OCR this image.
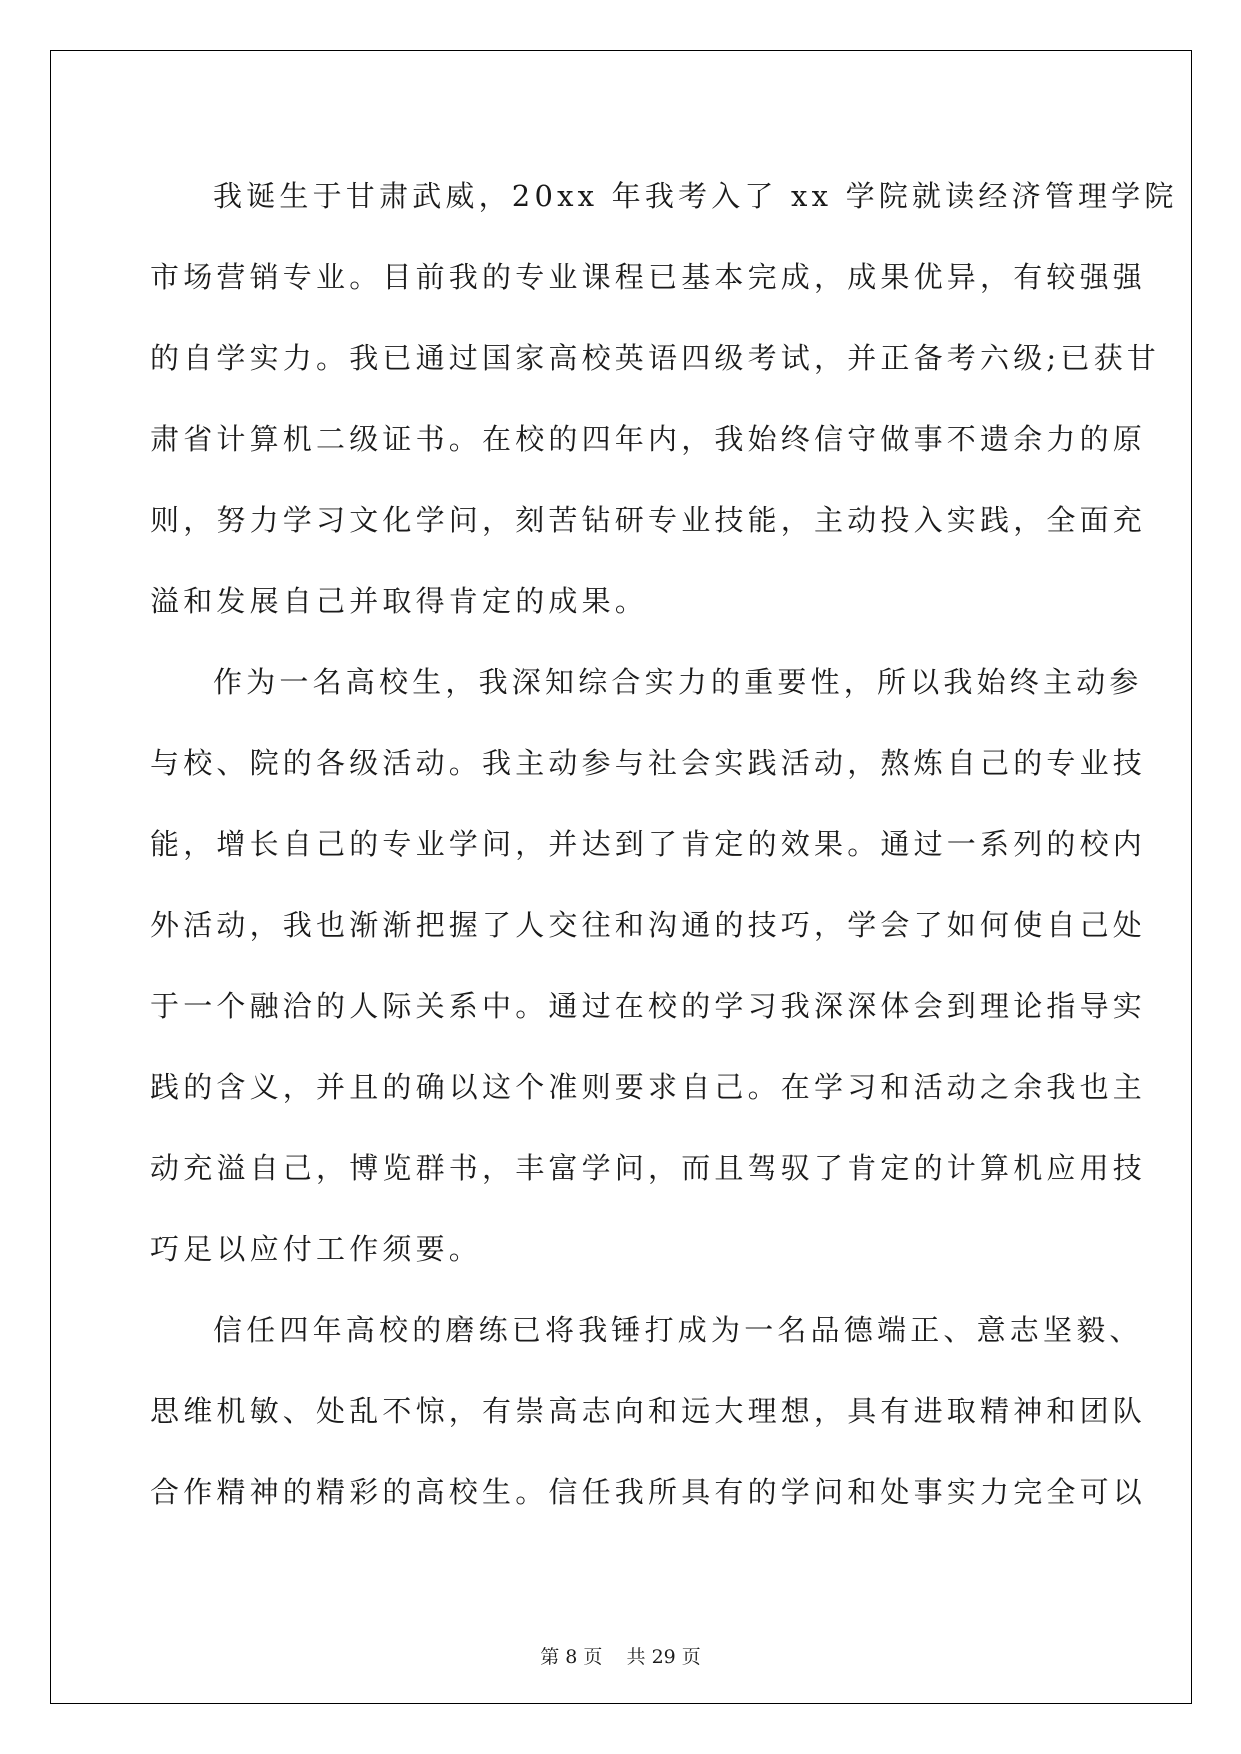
我诞生于甘肃武威，20xx 年我考入了 xx 学院就读经济管理学院
市场营销专业。目前我的专业课程已基本完成，成果优异，有较强强
的自学实力。我已通过国家高校英语四级考试，并正备考六级;已获甘
肃省计算机二级证书。在校的四年内，我始终信守做事不遗余力的原
则，努力学习文化学问，刻苦钻研专业技能，主动投入实践，全面充
溢和发展自己并取得肯定的成果。
作为一名高校生，我深知综合实力的重要性，所以我始终主动参
与校、院的各级活动。我主动参与社会实践活动，熬炼自己的专业技
能，增长自己的专业学问，并达到了肯定的效果。通过一系列的校内
外活动，我也渐渐把握了人交往和沟通的技巧，学会了如何使自己处
于一个融洽的人际关系中。通过在校的学习我深深体会到理论指导实
践的含义，并且的确以这个准则要求自己。在学习和活动之余我也主
动充溢自己，博览群书，丰富学问，而且驾驭了肯定的计算机应用技
巧足以应付工作须要。
信任四年高校的磨练已将我锤打成为一名品德端正、意志坚毅、
思维机敏、处乱不惊，有崇高志向和远大理想，具有进取精神和团队
合作精神的精彩的高校生。信任我所具有的学问和处事实力完全可以
第 8 页    共 29 页
